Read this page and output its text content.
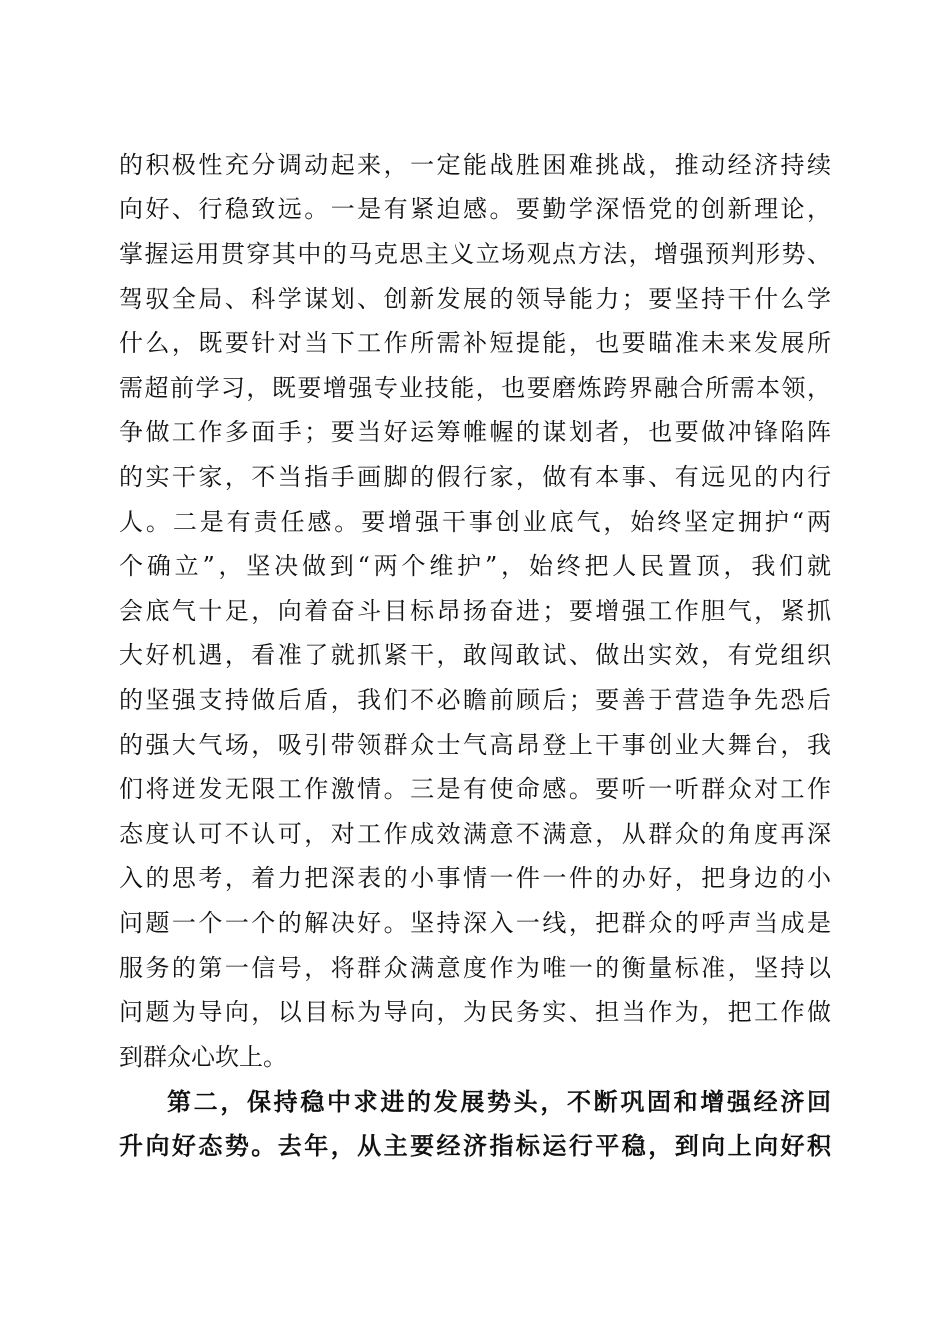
的积极性充分调动起来，一定能战胜困难挑战，推动经济持续
向好、行稳致远。一是有紧迫感。要勤学深悟党的创新理论，
掌握运用贯穿其中的马克思主义立场观点方法，增强预判形势、
驾驭全局、科学谋划、创新发展的领导能力；要坚持干什么学
什么，既要针对当下工作所需补短提能，也要瞄准未来发展所
需超前学习，既要增强专业技能，也要磨炼跨界融合所需本领，
争做工作多面手；要当好运筹帷幄的谋划者，也要做冲锋陷阵
的实干家，不当指手画脚的假行家，做有本事、有远见的内行
人。二是有责任感。要增强干事创业底气，始终坚定拥护“两
个确立”，坚决做到“两个维护”，始终把人民置顶，我们就
会底气十足，向着奋斗目标昂扬奋进；要增强工作胆气，紧抓
大好机遇，看准了就抓紧干，敢闯敢试、做出实效，有党组织
的坚强支持做后盾，我们不必瞻前顾后；要善于营造争先恐后
的强大气场，吸引带领群众士气高昂登上干事创业大舞台，我
们将迸发无限工作激情。三是有使命感。要听一听群众对工作
态度认可不认可，对工作成效满意不满意，从群众的角度再深
入的思考，着力把深表的小事情一件一件的办好，把身边的小
问题一个一个的解决好。坚持深入一线，把群众的呼声当成是
服务的第一信号，将群众满意度作为唯一的衡量标准，坚持以
问题为导向，以目标为导向，为民务实、担当作为，把工作做
到群众心坎上。
第二，保持稳中求进的发展势头，不断巩固和增强经济回
升向好态势。去年，从主要经济指标运行平稳，到向上向好积
